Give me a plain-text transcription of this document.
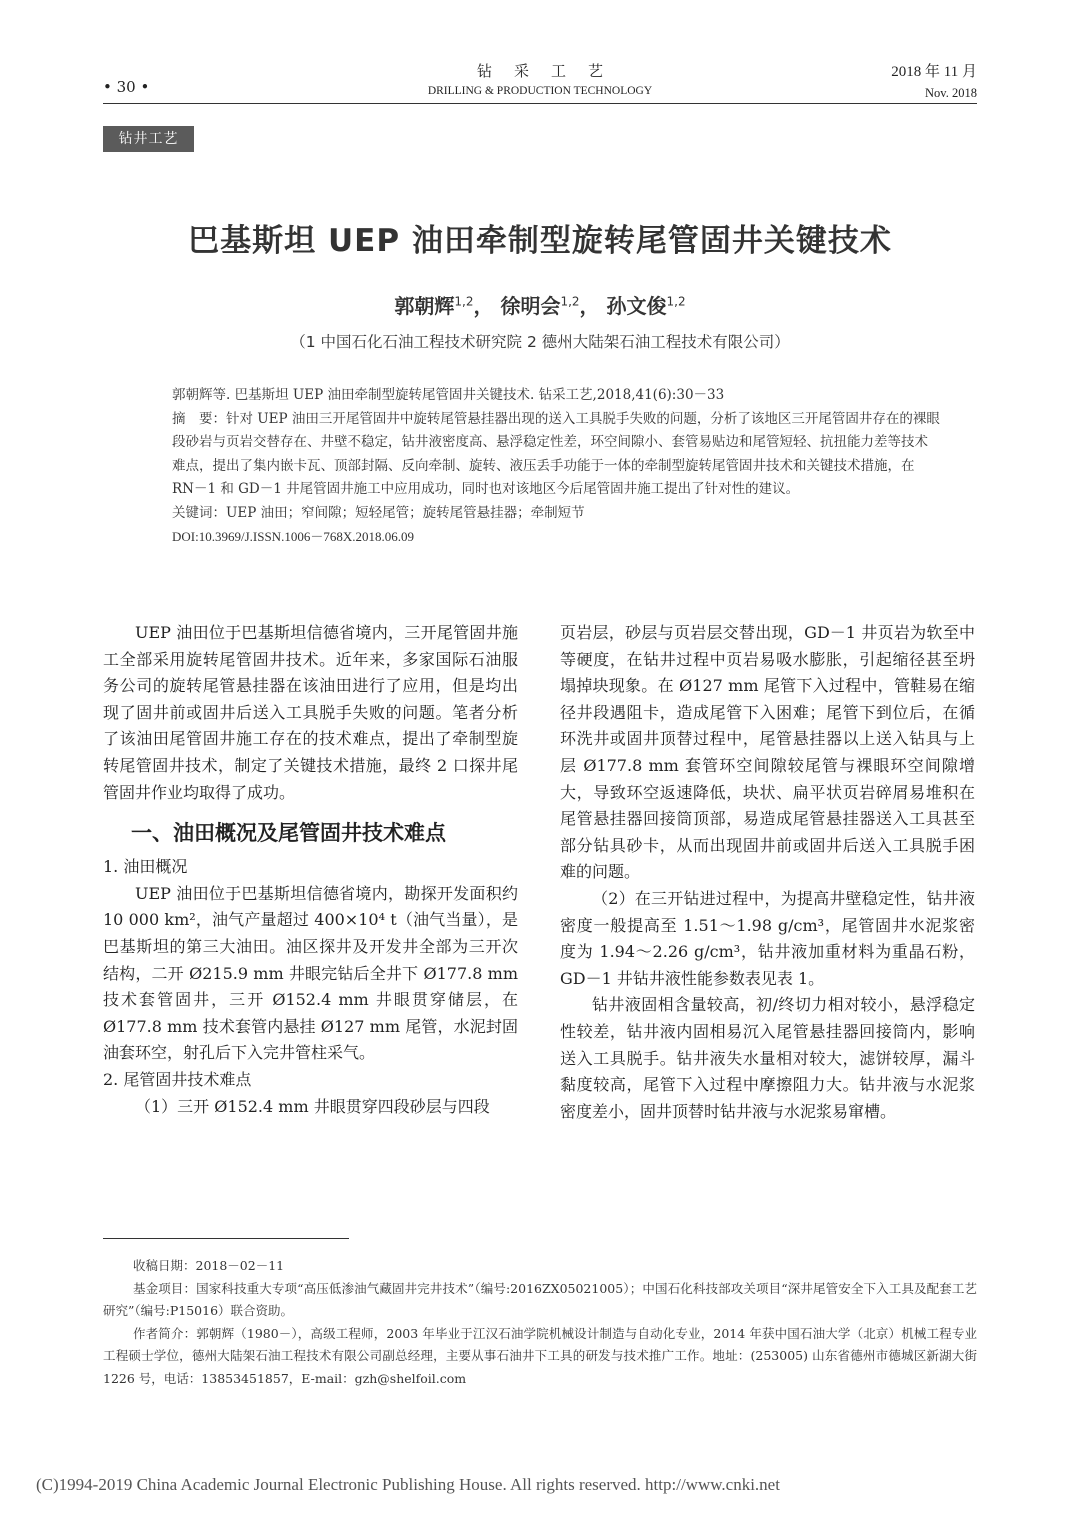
• 30 •
钻采工艺
DRILLING & PRODUCTION TECHNOLOGY
2018 年 11 月
Nov. 2018
钻井工艺
巴基斯坦 UEP 油田牵制型旋转尾管固井关键技术
郭朝辉$^{1,2}$， 徐明会$^{1,2}$， 孙文俊$^{1,2}$
（1 中国石化石油工程技术研究院 2 德州大陆架石油工程技术有限公司）

郭朝辉等. 巴基斯坦 UEP 油田牵制型旋转尾管固井关键技术. 钻采工艺,2018,41(6):30－33

摘　要：针对 UEP 油田三开尾管固井中旋转尾管悬挂器出现的送入工具脱手失败的问题，分析了该地区三开尾管固井存在的裸眼段砂岩与页岩交替存在、井壁不稳定，钻井液密度高、悬浮稳定性差，环空间隙小、套管易贴边和尾管短轻、抗扭能力差等技术难点，提出了集内嵌卡瓦、顶部封隔、反向牵制、旋转、液压丢手功能于一体的牵制型旋转尾管固井技术和关键技术措施，在 RN－1 和 GD－1 井尾管固井施工中应用成功，同时也对该地区今后尾管固井施工提出了针对性的建议。

关键词：UEP 油田；窄间隙；短轻尾管；旋转尾管悬挂器；牵制短节

DOI:10.3969/J.ISSN.1006－768X.2018.06.09

UEP 油田位于巴基斯坦信德省境内，三开尾管固井施工全部采用旋转尾管固井技术。近年来，多家国际石油服务公司的旋转尾管悬挂器在该油田进行了应用，但是均出现了固井前或固井后送入工具脱手失败的问题。笔者分析了该油田尾管固井施工存在的技术难点，提出了牵制型旋转尾管固井技术，制定了关键技术措施，最终 2 口探井尾管固井作业均取得了成功。

一、油田概况及尾管固井技术难点

1. 油田概况

UEP 油田位于巴基斯坦信德省境内，勘探开发面积约 10 000 km²，油气产量超过 400×10⁴ t（油气当量），是巴基斯坦的第三大油田。油区探井及开发井全部为三开次结构，二开 Ø215.9 mm 井眼完钻后全井下 Ø177.8 mm 技术套管固井，三开 Ø152.4 mm 井眼贯穿储层，在 Ø177.8 mm 技术套管内悬挂 Ø127 mm 尾管，水泥封固油套环空，射孔后下入完井管柱采气。

2. 尾管固井技术难点

（1）三开 Ø152.4 mm 井眼贯穿四段砂层与四段

页岩层，砂层与页岩层交替出现，GD－1 井页岩为软至中等硬度，在钻井过程中页岩易吸水膨胀，引起缩径甚至坍塌掉块现象。在 Ø127 mm 尾管下入过程中，管鞋易在缩径井段遇阻卡，造成尾管下入困难；尾管下到位后，在循环洗井或固井顶替过程中，尾管悬挂器以上送入钻具与上层 Ø177.8 mm 套管环空间隙较尾管与裸眼环空间隙增大，导致环空返速降低，块状、扁平状页岩碎屑易堆积在尾管悬挂器回接筒顶部，易造成尾管悬挂器送入工具甚至部分钻具砂卡，从而出现固井前或固井后送入工具脱手困难的问题。

（2）在三开钻进过程中，为提高井壁稳定性，钻井液密度一般提高至 1.51～1.98 g/cm³，尾管固井水泥浆密度为 1.94～2.26 g/cm³，钻井液加重材料为重晶石粉，GD－1 井钻井液性能参数表见表 1。

钻井液固相含量较高，初/终切力相对较小，悬浮稳定性较差，钻井液内固相易沉入尾管悬挂器回接筒内，影响送入工具脱手。钻井液失水量相对较大，滤饼较厚，漏斗黏度较高，尾管下入过程中摩擦阻力大。钻井液与水泥浆密度差小，固井顶替时钻井液与水泥浆易窜槽。

收稿日期：2018－02－11

基金项目：国家科技重大专项“高压低渗油气藏固井完井技术”（编号:2016ZX05021005）；中国石化科技部攻关项目“深井尾管安全下入工具及配套工艺研究”（编号:P15016）联合资助。

作者简介：郭朝辉（1980－），高级工程师，2003 年毕业于江汉石油学院机械设计制造与自动化专业，2014 年获中国石油大学（北京）机械工程专业工程硕士学位，德州大陆架石油工程技术有限公司副总经理，主要从事石油井下工具的研发与技术推广工作。地址：(253005) 山东省德州市德城区新湖大街 1226 号，电话：13853451857，E-mail：gzh@shelfoil.com

(C)1994-2019 China Academic Journal Electronic Publishing House. All rights reserved. http://www.cnki.net
